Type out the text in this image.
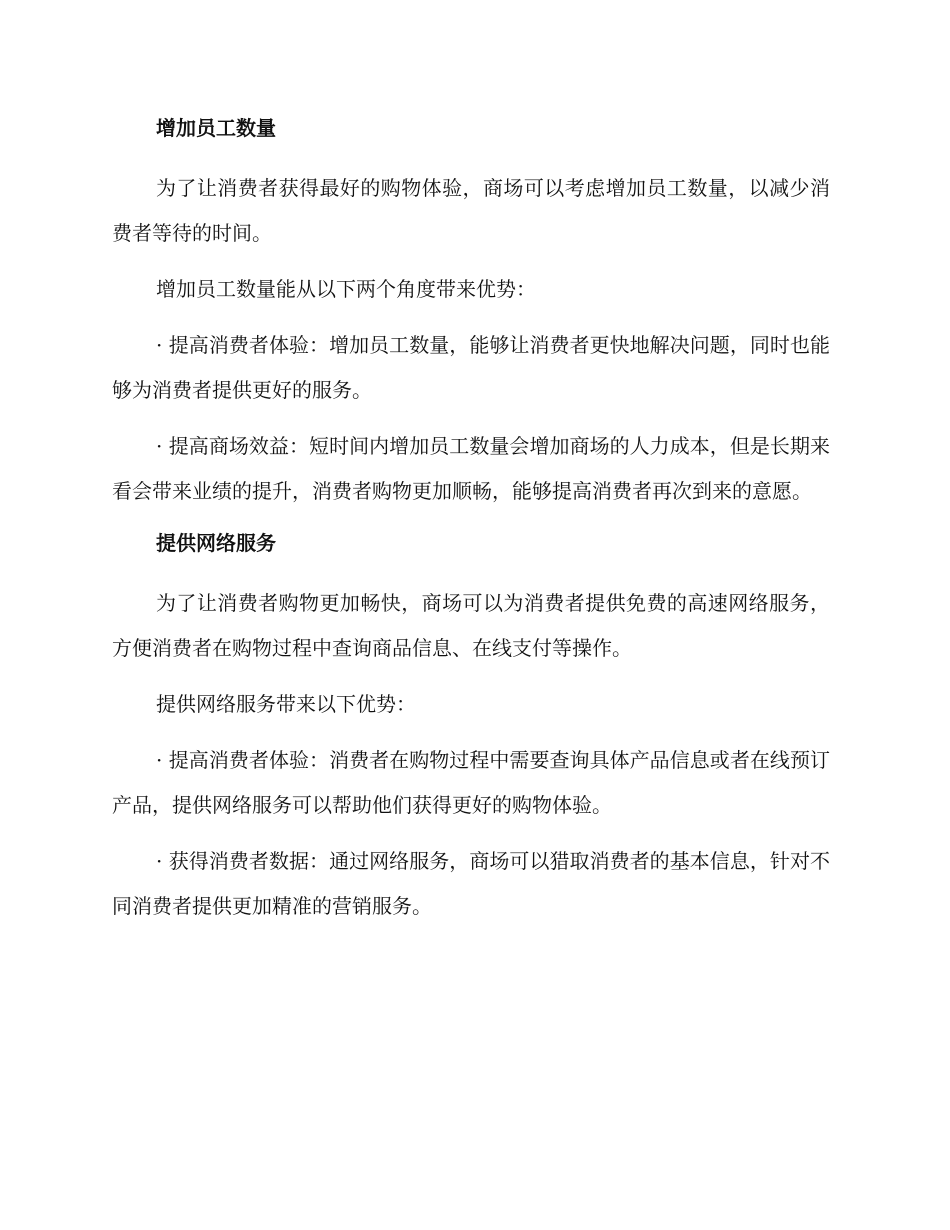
增加员工数量

为了让消费者获得最好的购物体验，商场可以考虑增加员工数量，以减少消费者等待的时间。

增加员工数量能从以下两个角度带来优势：

· 提高消费者体验：增加员工数量，能够让消费者更快地解决问题，同时也能够为消费者提供更好的服务。

· 提高商场效益：短时间内增加员工数量会增加商场的人力成本，但是长期来看会带来业绩的提升，消费者购物更加顺畅，能够提高消费者再次到来的意愿。

提供网络服务

为了让消费者购物更加畅快，商场可以为消费者提供免费的高速网络服务，方便消费者在购物过程中查询商品信息、在线支付等操作。

提供网络服务带来以下优势：

· 提高消费者体验：消费者在购物过程中需要查询具体产品信息或者在线预订产品，提供网络服务可以帮助他们获得更好的购物体验。

· 获得消费者数据：通过网络服务，商场可以猎取消费者的基本信息，针对不同消费者提供更加精准的营销服务。
